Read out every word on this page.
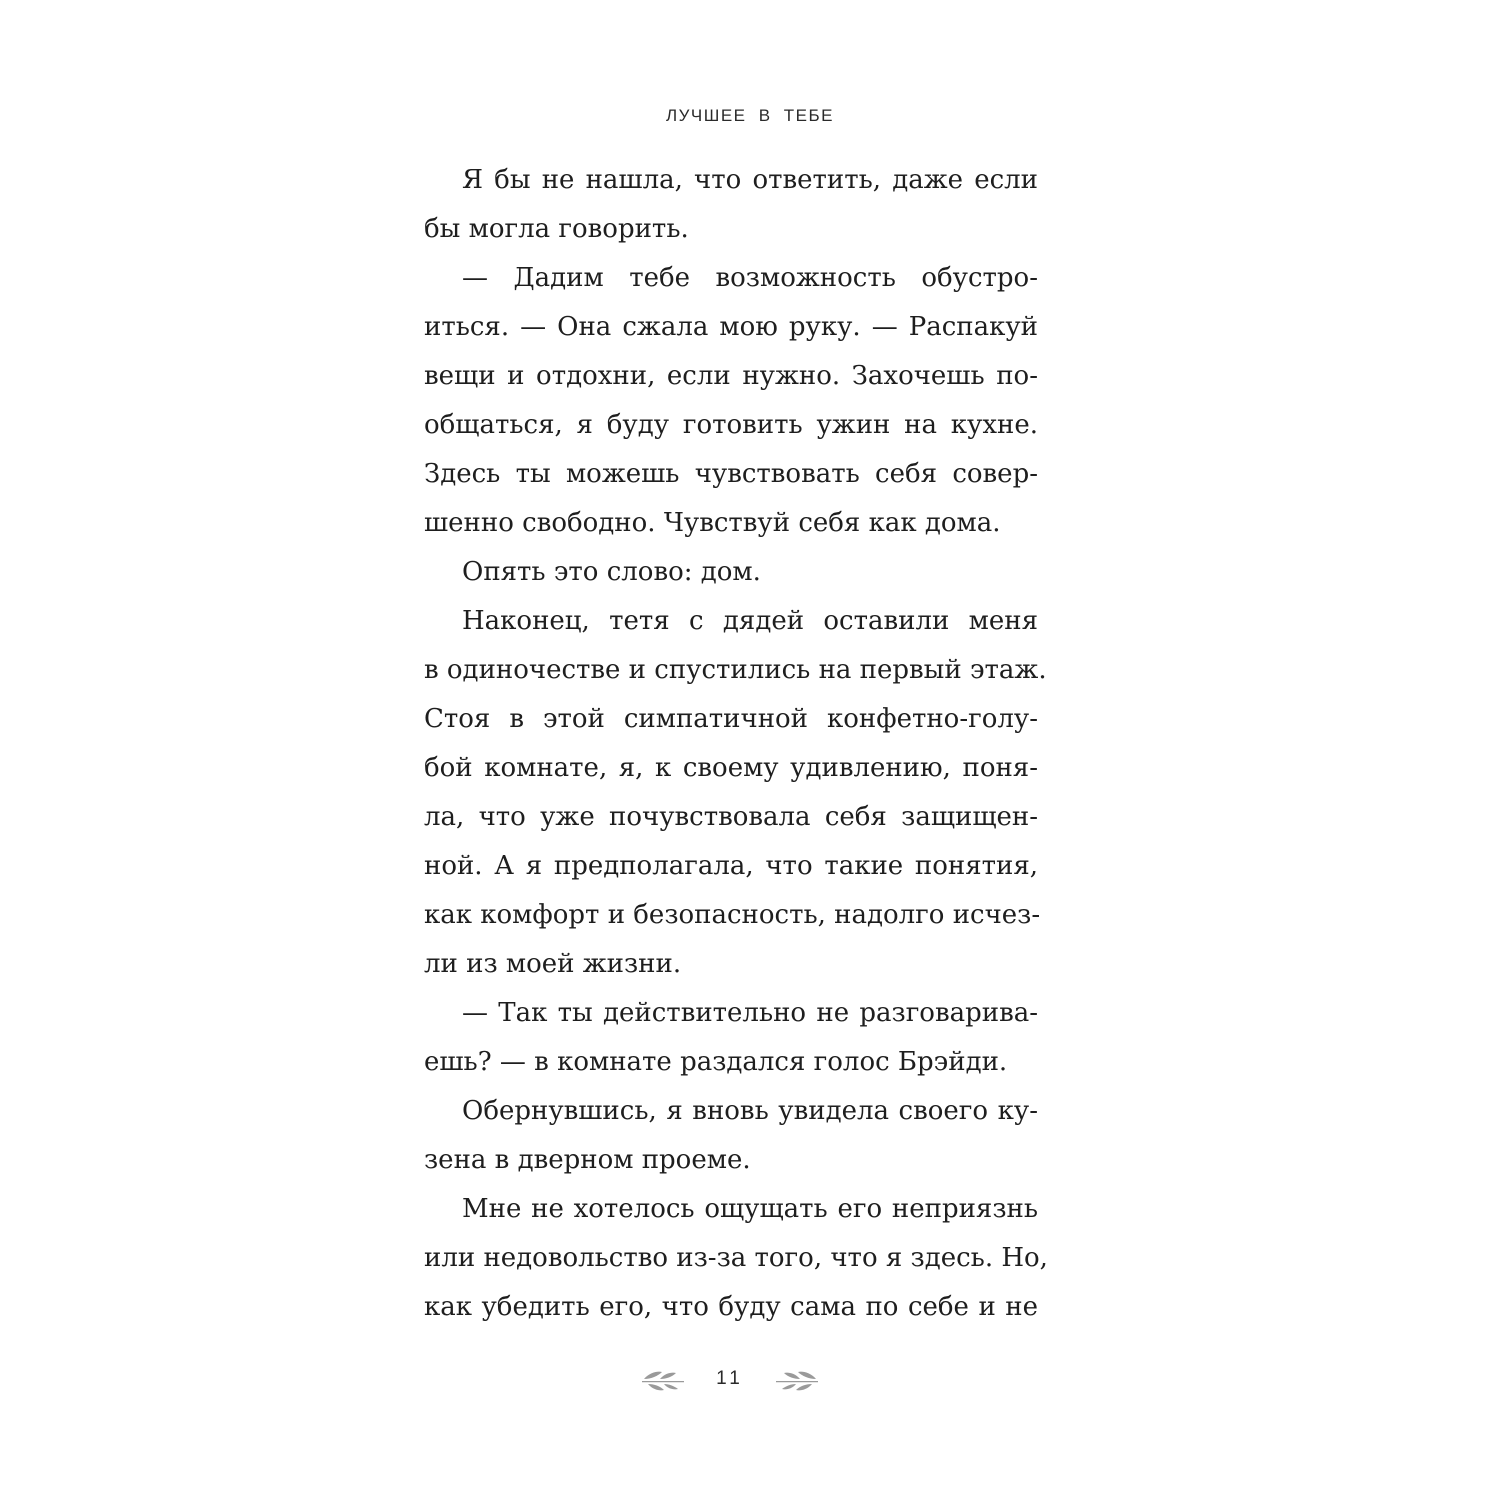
ЛУЧШЕЕ В ТЕБЕ
Я бы не нашла, что ответить, даже если
бы могла говорить.
— Дадим тебе возможность обустро-
иться. — Она сжала мою руку. — Распакуй
вещи и отдохни, если нужно. Захочешь по-
общаться, я буду готовить ужин на кухне.
Здесь ты можешь чувствовать себя совер-
шенно свободно. Чувствуй себя как дома.
Опять это слово: дом.
Наконец, тетя с дядей оставили меня
в одиночестве и спустились на первый этаж.
Стоя в этой симпатичной конфетно-голу-
бой комнате, я, к своему удивлению, поня-
ла, что уже почувствовала себя защищен-
ной. А я предполагала, что такие понятия,
как комфорт и безопасность, надолго исчез-
ли из моей жизни.
— Так ты действительно не разговарива-
ешь? — в комнате раздался голос Брэйди.
Обернувшись, я вновь увидела своего ку-
зена в дверном проеме.
Мне не хотелось ощущать его неприязнь
или недовольство из-за того, что я здесь. Но,
как убедить его, что буду сама по себе и не
11
